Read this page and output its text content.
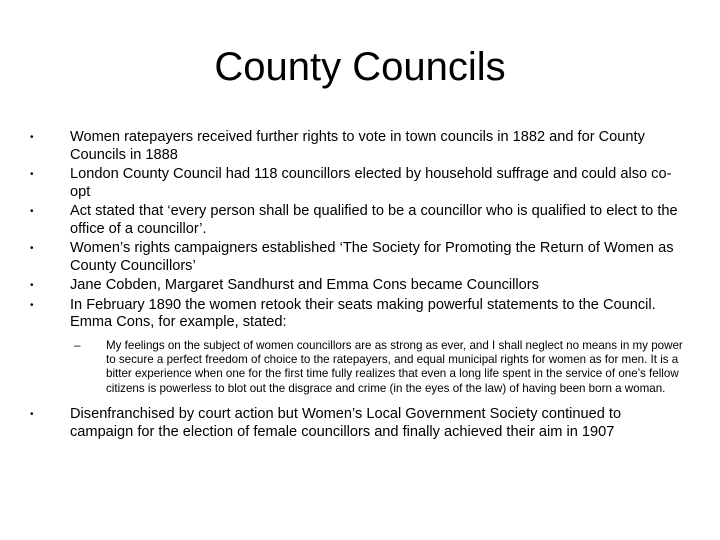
County Councils
• Women ratepayers received further rights to vote in town councils in 1882 and for County Councils in 1888
• London County Council had 118 councillors elected by household suffrage and could also co-opt
• Act stated that ‘every person shall be qualified to be a councillor who is qualified to elect to the office of a councillor’.
• Women’s rights campaigners established ‘The Society for Promoting the Return of Women as County Councillors’
• Jane Cobden, Margaret Sandhurst and Emma Cons became Councillors
• In February 1890 the women retook their seats making powerful statements to the Council. Emma Cons, for example, stated:
– My feelings on the subject of women councillors are as strong as ever, and I shall neglect no means in my power to secure a perfect freedom of choice to the ratepayers, and equal municipal rights for women as for men. It is a bitter experience when one for the first time fully realizes that even a long life spent in the service of one’s fellow citizens is powerless to blot out the disgrace and crime (in the eyes of the law) of having been born a woman.
• Disenfranchised by court action but Women’s Local Government Society continued to campaign for the election of female councillors and finally achieved their aim in 1907
